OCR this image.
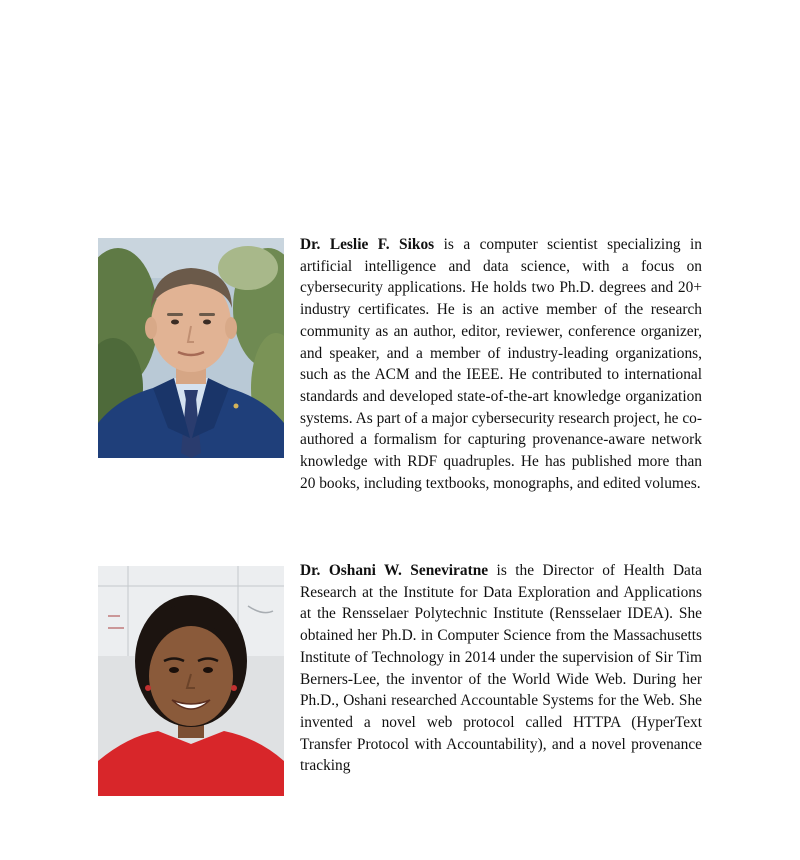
Dr. Leslie F. Sikos is a computer scientist specializing in artificial intelligence and data science, with a focus on cybersecurity applications. He holds two Ph.D. degrees and 20+ industry certificates. He is an active member of the research community as an author, editor, reviewer, conference organizer, and speaker, and a member of industry-leading organizations, such as the ACM and the IEEE. He contributed to international standards and developed state-of-the-art knowledge organization systems. As part of a major cybersecurity research project, he co-authored a formalism for capturing provenance-aware network knowledge with RDF quadruples. He has published more than 20 books, including textbooks, monographs, and edited volumes.
Dr. Oshani W. Seneviratne is the Director of Health Data Research at the Institute for Data Exploration and Applications at the Rensselaer Polytechnic Institute (Rensselaer IDEA). She obtained her Ph.D. in Computer Science from the Massachusetts Institute of Technology in 2014 under the supervision of Sir Tim Berners-Lee, the inventor of the World Wide Web. During her Ph.D., Oshani researched Accountable Systems for the Web. She invented a novel web protocol called HTTPA (HyperText Transfer Protocol with Accountability), and a novel provenance tracking
